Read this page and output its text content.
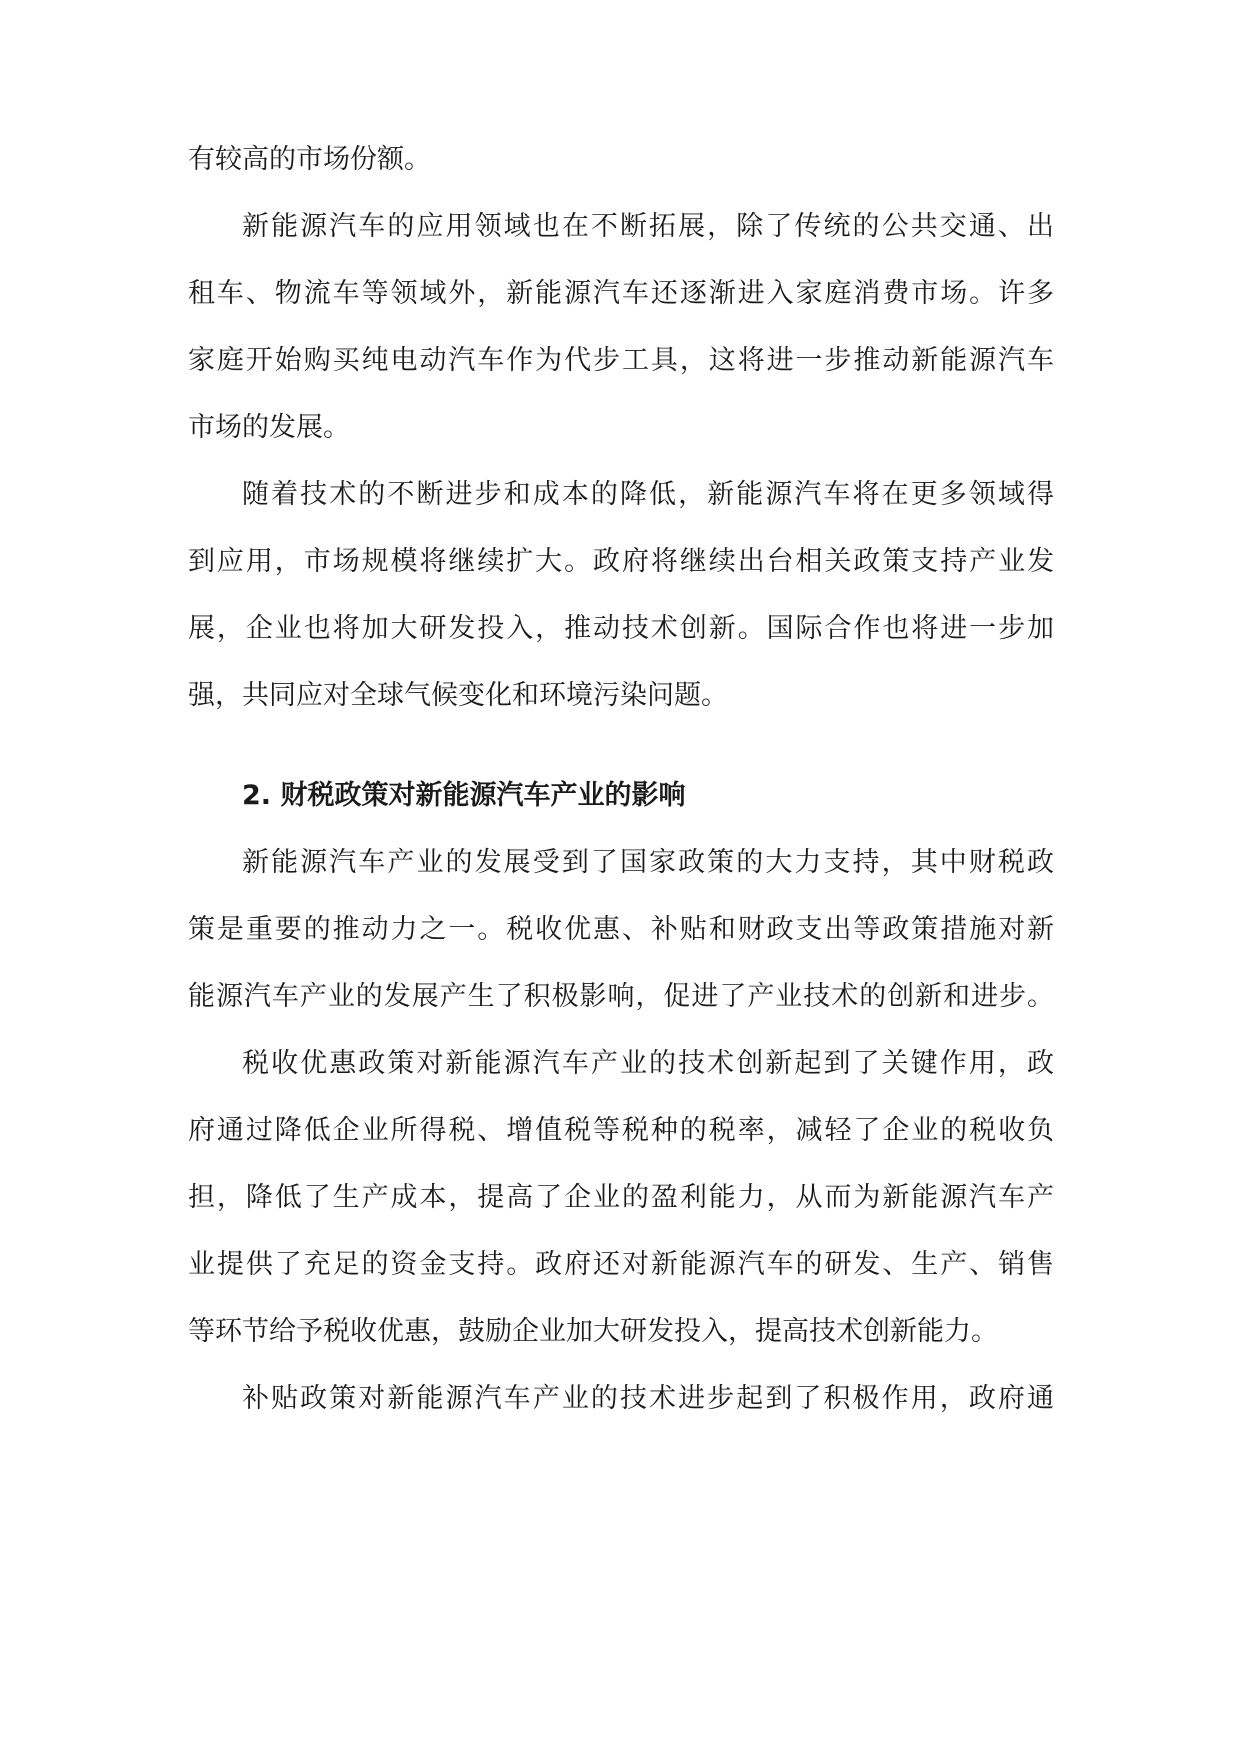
有较高的市场份额。
新能源汽车的应用领域也在不断拓展，除了传统的公共交通、出
租车、物流车等领域外，新能源汽车还逐渐进入家庭消费市场。许多
家庭开始购买纯电动汽车作为代步工具，这将进一步推动新能源汽车
市场的发展。
随着技术的不断进步和成本的降低，新能源汽车将在更多领域得
到应用，市场规模将继续扩大。政府将继续出台相关政策支持产业发
展，企业也将加大研发投入，推动技术创新。国际合作也将进一步加
强，共同应对全球气候变化和环境污染问题。
2. 财税政策对新能源汽车产业的影响
新能源汽车产业的发展受到了国家政策的大力支持，其中财税政
策是重要的推动力之一。税收优惠、补贴和财政支出等政策措施对新
能源汽车产业的发展产生了积极影响，促进了产业技术的创新和进步。
税收优惠政策对新能源汽车产业的技术创新起到了关键作用，政
府通过降低企业所得税、增值税等税种的税率，减轻了企业的税收负
担，降低了生产成本，提高了企业的盈利能力，从而为新能源汽车产
业提供了充足的资金支持。政府还对新能源汽车的研发、生产、销售
等环节给予税收优惠，鼓励企业加大研发投入，提高技术创新能力。
补贴政策对新能源汽车产业的技术进步起到了积极作用，政府通
